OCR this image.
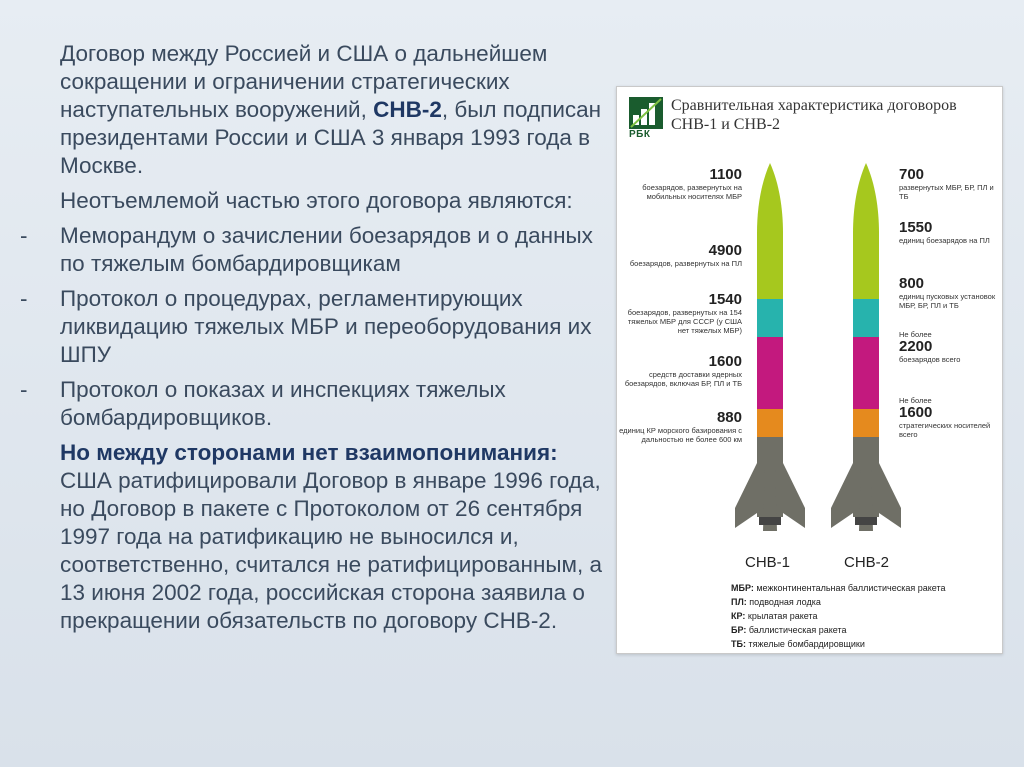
Договор между Россией и США о дальнейшем сокращении и ограничении стратегических наступательных вооружений, СНВ-2, был подписан президентами России и США 3 января 1993 года в Москве.

Неотъемлемой частью этого договора являются:

- Меморандум о зачислении боезарядов и о данных по тяжелым бомбардировщикам

- Протокол о процедурах, регламентирующих ликвидацию тяжелых МБР и переоборудования их ШПУ

- Протокол о показах и инспекциях тяжелых бомбардировщиков.

Но между сторонами нет взаимопонимания: США ратифицировали Договор в январе 1996 года, но Договор в пакете с Протоколом от 26 сентября 1997 года на ратификацию не выносился и, соответственно, считался не ратифицированным, а 13 июня 2002 года, российская сторона заявила о прекращении обязательств по договору СНВ-2.

РБК
Сравнительная характеристика договоров СНВ-1 и СНВ-2
1100
боезарядов, развернутых на мобильных носителях МБР
4900
боезарядов, развернутых на ПЛ
1540
боезарядов, развернутых на 154 тяжелых МБР для СССР (у США нет тяжелых МБР)
1600
средств доставки ядерных боезарядов, включая БР, ПЛ и ТБ
880
единиц КР морского базирования с дальностью не более 600 км
700
развернутых МБР, БР, ПЛ и ТБ
1550
единиц боезарядов на ПЛ
800
единиц пусковых установок МБР, БР, ПЛ и ТБ
Не более
2200
боезарядов всего
Не более
1600
стратегических носителей всего
СНВ-1	СНВ-2
МБР: межконтинентальная баллистическая ракета
ПЛ: подводная лодка
КР: крылатая ракета
БР: баллистическая ракета
ТБ: тяжелые бомбардировщики
